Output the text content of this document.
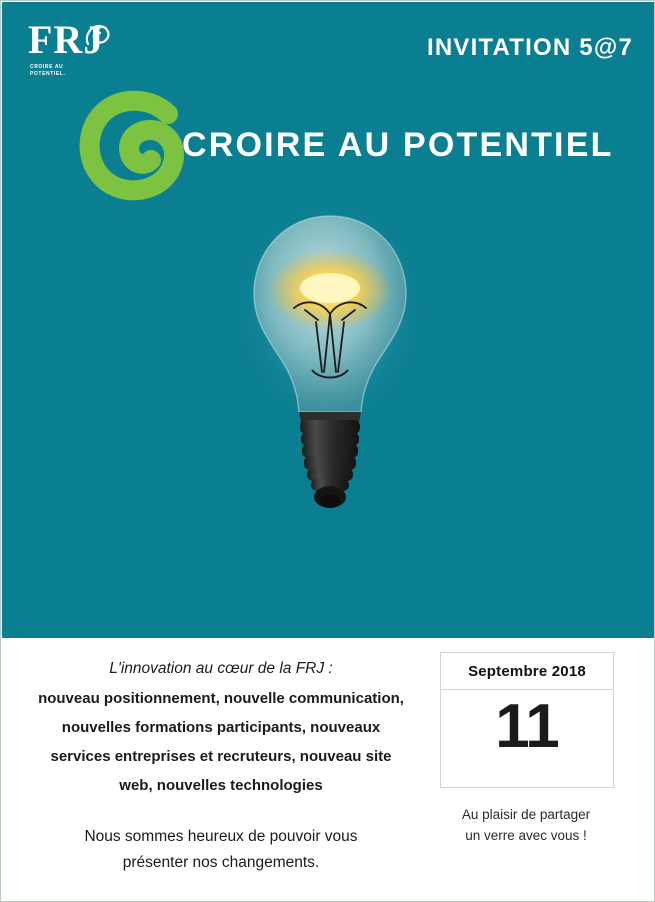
FRJ
CROIRE AU POTENTIEL.
INVITATION 5@7
CROIRE AU POTENTIEL
L'innovation au cœur de la FRJ :
nouveau positionnement, nouvelle communication,
nouvelles formations participants, nouveaux
services entreprises et recruteurs, nouveau site
web, nouvelles technologies
Nous sommes heureux de pouvoir vous
présenter nos changements.
Septembre 2018
11
Au plaisir de partager
un verre avec vous !
